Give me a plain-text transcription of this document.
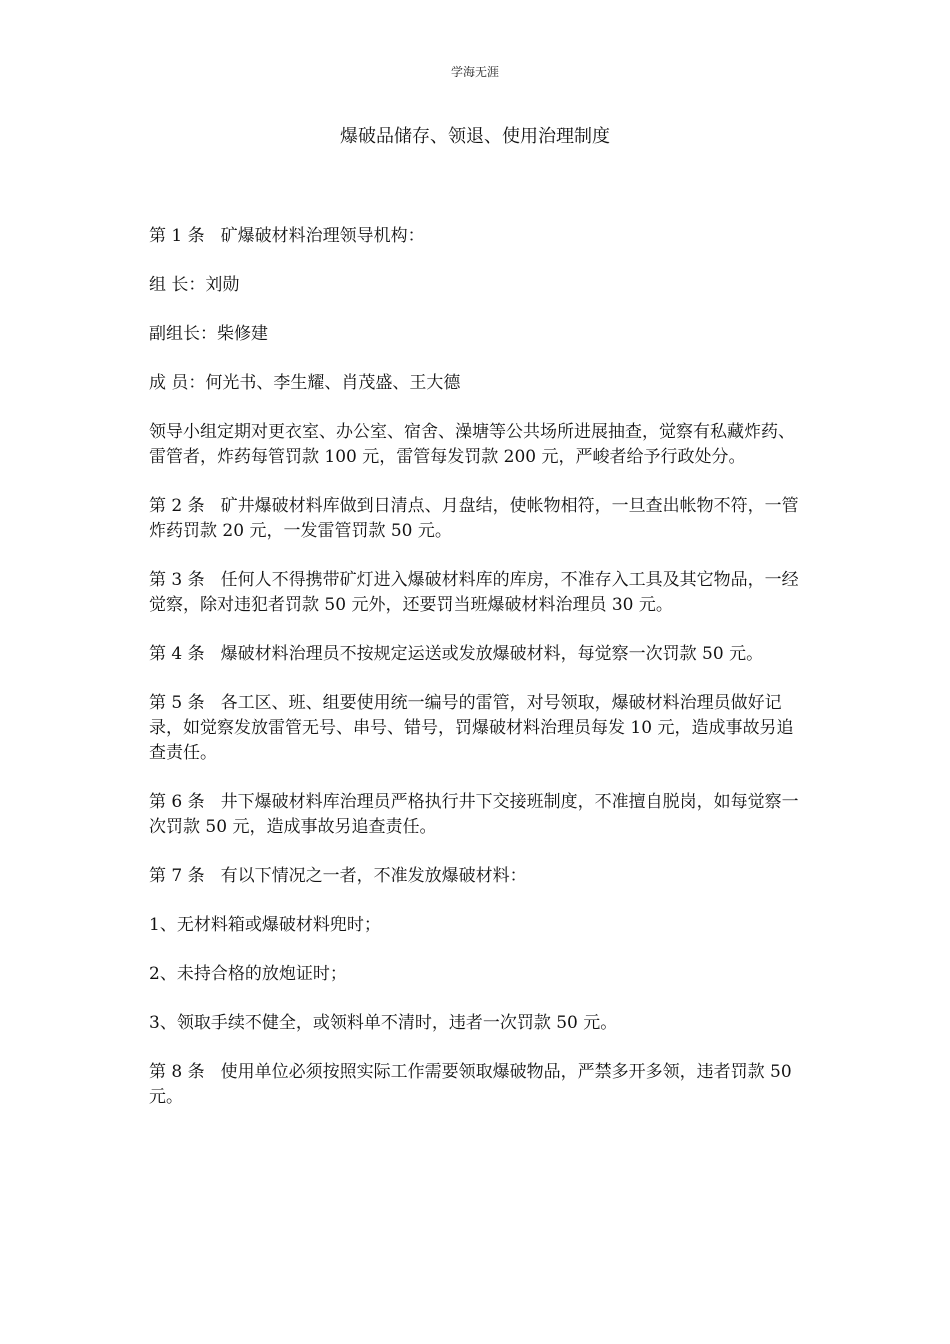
学海无涯
爆破品储存、领退、使用治理制度

第 1 条 矿爆破材料治理领导机构：

组 长：刘勋

副组长：柴修建

成 员：何光书、李生耀、肖茂盛、王大德

领导小组定期对更衣室、办公室、宿舍、澡塘等公共场所进展抽查，觉察有私藏炸药、雷管者，炸药每管罚款 100 元，雷管每发罚款 200 元，严峻者给予行政处分。

第 2 条 矿井爆破材料库做到日清点、月盘结，使帐物相符，一旦查出帐物不符，一管炸药罚款 20 元，一发雷管罚款 50 元。

第 3 条 任何人不得携带矿灯进入爆破材料库的库房，不准存入工具及其它物品，一经觉察，除对违犯者罚款 50 元外，还要罚当班爆破材料治理员 30 元。

第 4 条 爆破材料治理员不按规定运送或发放爆破材料，每觉察一次罚款 50 元。

第 5 条 各工区、班、组要使用统一编号的雷管，对号领取，爆破材料治理员做好记录，如觉察发放雷管无号、串号、错号，罚爆破材料治理员每发 10 元，造成事故另追查责任。

第 6 条 井下爆破材料库治理员严格执行井下交接班制度，不准擅自脱岗，如每觉察一次罚款 50 元，造成事故另追查责任。

第 7 条 有以下情况之一者，不准发放爆破材料：

1、无材料箱或爆破材料兜时；

2、未持合格的放炮证时；

3、领取手续不健全，或领料单不清时，违者一次罚款 50 元。

第 8 条 使用单位必须按照实际工作需要领取爆破物品，严禁多开多领，违者罚款 50 元。
